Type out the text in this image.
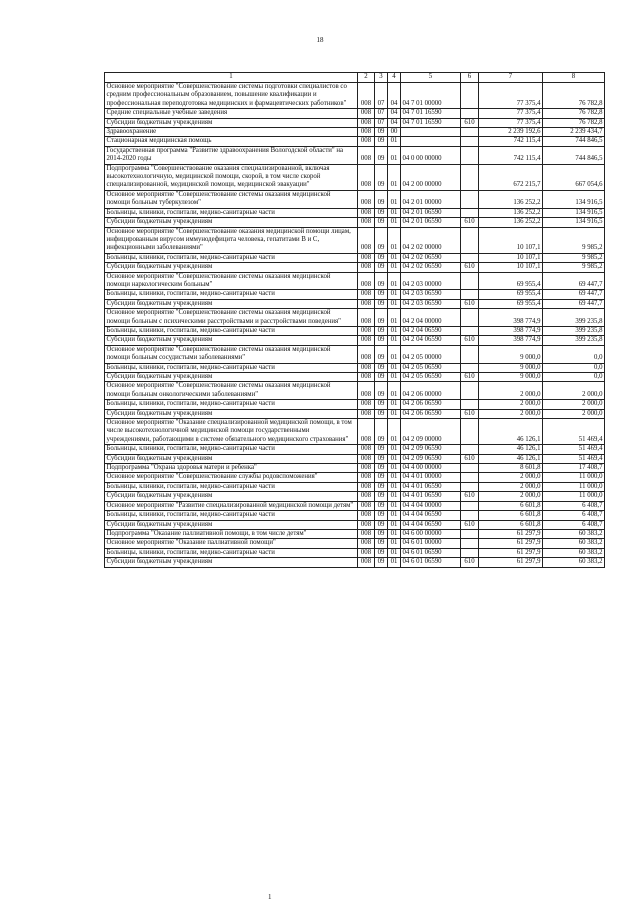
18
1	2	3	4	5	6	7	8
Основное мероприятие "Совершенствование системы подготовки специалистов со средним профессиональным образованием, повышение квалификации и профессиональная переподготовка медицинских и фармацевтических работников"	008	07	04	04 7 01 00000		77 375,4	76 782,8
Средние специальные учебные заведения	008	07	04	04 7 01 16590		77 375,4	76 782,8
Субсидии бюджетным учреждениям	008	07	04	04 7 01 16590	610	77 375,4	76 782,8
Здравоохранение	008	09	00			2 239 192,6	2 239 434,7
Стационарная медицинская помощь	008	09	01			742 115,4	744 846,5
Государственная программа "Развитие здравоохранения Вологодской области" на 2014-2020 годы	008	09	01	04 0 00 00000		742 115,4	744 846,5
Подпрограмма "Совершенствование оказания специализированной, включая высокотехнологичную, медицинской помощи, скорой, в том числе скорой специализированной, медицинской помощи, медицинской эвакуации"	008	09	01	04 2 00 00000		672 215,7	667 054,6
Основное мероприятие "Совершенствование системы оказания медицинской помощи больным туберкулезом"	008	09	01	04 2 01 00000		136 252,2	134 916,5
Больницы, клиники, госпитали, медико-санитарные части	008	09	01	04 2 01 06590		136 252,2	134 916,5
Субсидии бюджетным учреждениям	008	09	01	04 2 01 06590	610	136 252,2	134 916,5
Основное мероприятие "Совершенствование оказания медицинской помощи лицам, инфицированным вирусом иммунодефицита человека, гепатитами В и С, инфекционными заболеваниями"	008	09	01	04 2 02 00000		10 107,1	9 985,2
Больницы, клиники, госпитали, медико-санитарные части	008	09	01	04 2 02 06590		10 107,1	9 985,2
Субсидии бюджетным учреждениям	008	09	01	04 2 02 06590	610	10 107,1	9 985,2
Основное мероприятие "Совершенствование системы оказания медицинской помощи наркологическим больным"	008	09	01	04 2 03 00000		69 955,4	69 447,7
Больницы, клиники, госпитали, медико-санитарные части	008	09	01	04 2 03 06590		69 955,4	69 447,7
Субсидии бюджетным учреждениям	008	09	01	04 2 03 06590	610	69 955,4	69 447,7
Основное мероприятие "Совершенствование системы оказания медицинской помощи больным с психическими расстройствами и расстройствами поведения"	008	09	01	04 2 04 00000		398 774,9	399 235,8
Больницы, клиники, госпитали, медико-санитарные части	008	09	01	04 2 04 06590		398 774,9	399 235,8
Субсидии бюджетным учреждениям	008	09	01	04 2 04 06590	610	398 774,9	399 235,8
Основное мероприятие "Совершенствование системы оказания медицинской помощи больным сосудистыми заболеваниями"	008	09	01	04 2 05 00000		9 000,0	0,0
Больницы, клиники, госпитали, медико-санитарные части	008	09	01	04 2 05 06590		9 000,0	0,0
Субсидии бюджетным учреждениям	008	09	01	04 2 05 06590	610	9 000,0	0,0
Основное мероприятие "Совершенствование системы оказания медицинской помощи больным онкологическими заболеваниями"	008	09	01	04 2 06 00000		2 000,0	2 000,0
Больницы, клиники, госпитали, медико-санитарные части	008	09	01	04 2 06 06590		2 000,0	2 000,0
Субсидии бюджетным учреждениям	008	09	01	04 2 06 06590	610	2 000,0	2 000,0
Основное мероприятие "Оказание специализированной медицинской помощи, в том числе высокотехнологичной медицинской помощи государственными учреждениями, работающими в системе обязательного медицинского страхования"	008	09	01	04 2 09 00000		46 126,1	51 469,4
Больницы, клиники, госпитали, медико-санитарные части	008	09	01	04 2 09 06590		46 126,1	51 469,4
Субсидии бюджетным учреждениям	008	09	01	04 2 09 06590	610	46 126,1	51 469,4
Подпрограмма "Охрана здоровья матери и ребенка"	008	09	01	04 4 00 00000		8 601,8	17 408,7
Основное мероприятие "Совершенствование службы родовспоможения"	008	09	01	04 4 01 00000		2 000,0	11 000,0
Больницы, клиники, госпитали, медико-санитарные части	008	09	01	04 4 01 06590		2 000,0	11 000,0
Субсидии бюджетным учреждениям	008	09	01	04 4 01 06590	610	2 000,0	11 000,0
Основное мероприятие "Развитие специализированной медицинской помощи детям"	008	09	01	04 4 04 00000		6 601,8	6 408,7
Больницы, клиники, госпитали, медико-санитарные части	008	09	01	04 4 04 06590		6 601,8	6 408,7
Субсидии бюджетным учреждениям	008	09	01	04 4 04 06590	610	6 601,8	6 408,7
Подпрограмма "Оказание паллиативной помощи, в том числе детям"	008	09	01	04 6 00 00000		61 297,9	60 383,2
Основное мероприятие "Оказание паллиативной помощи"	008	09	01	04 6 01 00000		61 297,9	60 383,2
Больницы, клиники, госпитали, медико-санитарные части	008	09	01	04 6 01 06590		61 297,9	60 383,2
Субсидии бюджетным учреждениям	008	09	01	04 6 01 06590	610	61 297,9	60 383,2
1
